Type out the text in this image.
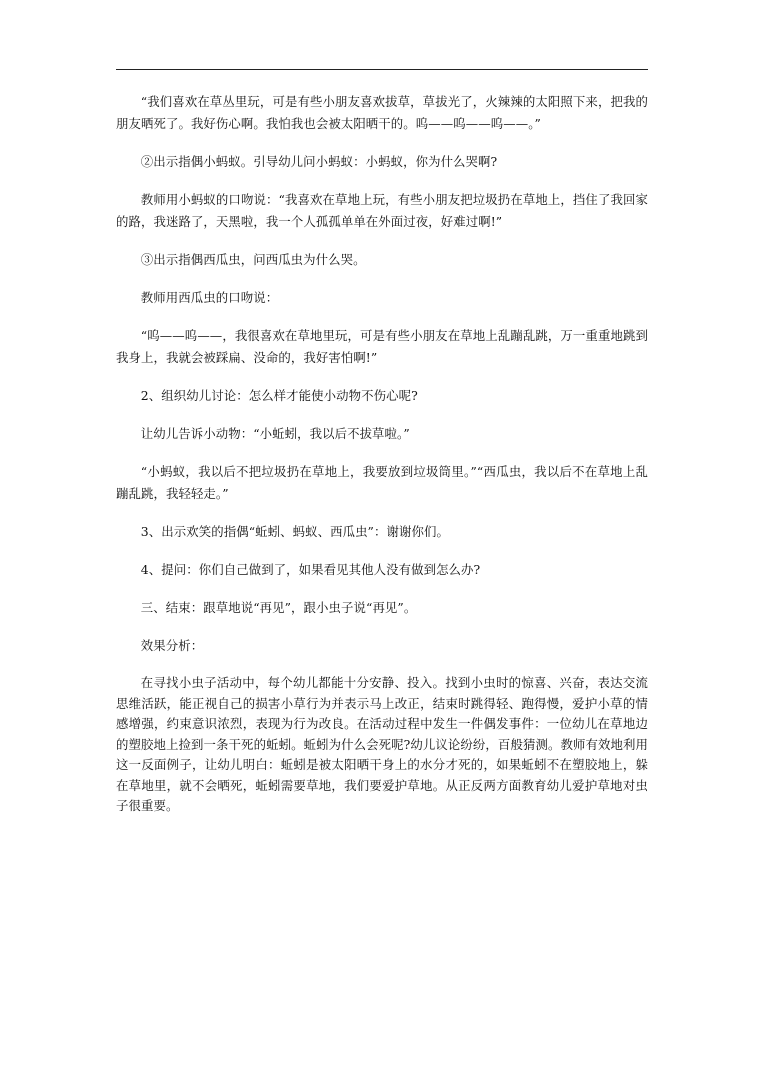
“我们喜欢在草丛里玩，可是有些小朋友喜欢拔草，草拔光了，火辣辣的太阳照下来，把我的朋友晒死了。我好伤心啊。我怕我也会被太阳晒干的。呜——呜——呜——。”

②出示指偶小蚂蚁。引导幼儿问小蚂蚁：小蚂蚁，你为什么哭啊?

教师用小蚂蚁的口吻说：“我喜欢在草地上玩，有些小朋友把垃圾扔在草地上，挡住了我回家的路，我迷路了，天黑啦，我一个人孤孤单单在外面过夜，好难过啊!”

③出示指偶西瓜虫，问西瓜虫为什么哭。

教师用西瓜虫的口吻说：

“呜——呜——，我很喜欢在草地里玩，可是有些小朋友在草地上乱蹦乱跳，万一重重地跳到我身上，我就会被踩扁、没命的，我好害怕啊!”

2、组织幼儿讨论：怎么样才能使小动物不伤心呢?

让幼儿告诉小动物：“小蚯蚓，我以后不拔草啦。”

“小蚂蚁，我以后不把垃圾扔在草地上，我要放到垃圾筒里。”“西瓜虫，我以后不在草地上乱蹦乱跳，我轻轻走。”

3、出示欢笑的指偶“蚯蚓、蚂蚁、西瓜虫”：谢谢你们。

4、提问：你们自己做到了，如果看见其他人没有做到怎么办?

三、结束：跟草地说“再见”，跟小虫子说“再见”。

效果分析：

在寻找小虫子活动中，每个幼儿都能十分安静、投入。找到小虫时的惊喜、兴奋，表达交流思维活跃，能正视自己的损害小草行为并表示马上改正，结束时跳得轻、跑得慢，爱护小草的情感增强，约束意识浓烈，表现为行为改良。在活动过程中发生一件偶发事件：一位幼儿在草地边的塑胶地上捡到一条干死的蚯蚓。蚯蚓为什么会死呢?幼儿议论纷纷，百般猜测。教师有效地利用这一反面例子，让幼儿明白：蚯蚓是被太阳晒干身上的水分才死的，如果蚯蚓不在塑胶地上，躲在草地里，就不会晒死，蚯蚓需要草地，我们要爱护草地。从正反两方面教育幼儿爱护草地对虫子很重要。
